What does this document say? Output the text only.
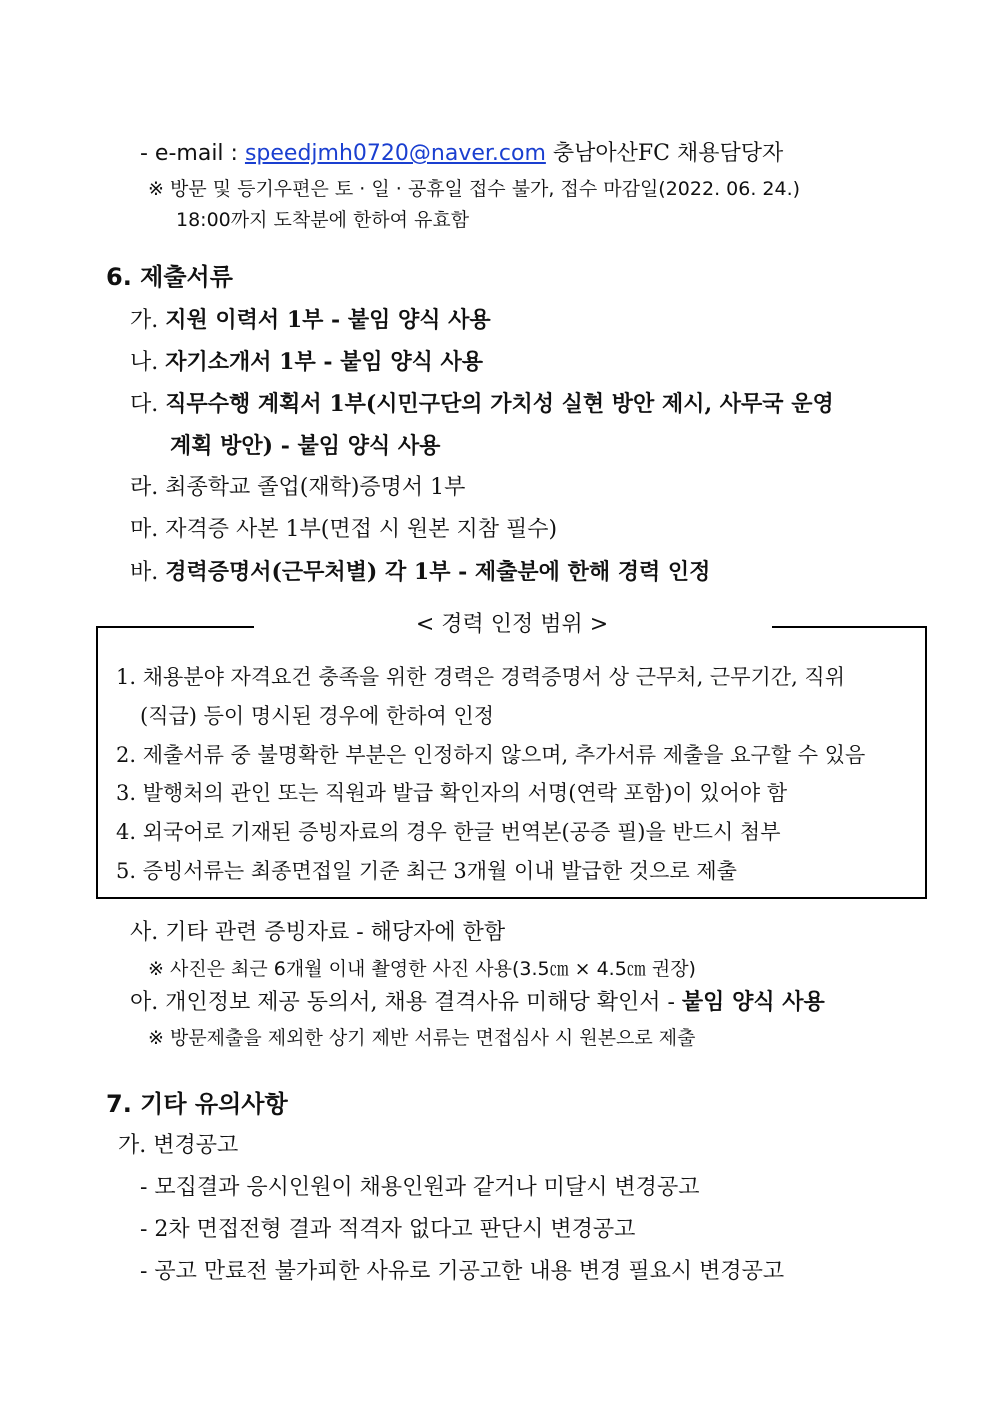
- e-mail : speedjmh0720@naver.com 충남아산FC 채용담당자
※ 방문 및 등기우편은 토 · 일 · 공휴일 접수 불가, 접수 마감일(2022. 06. 24.)
18:00까지 도착분에 한하여 유효함
6. 제출서류
가. 지원 이력서 1부 - 붙임 양식 사용
나. 자기소개서 1부 - 붙임 양식 사용
다. 직무수행 계획서 1부(시민구단의 가치성 실현 방안 제시, 사무국 운영
계획 방안) - 붙임 양식 사용
라. 최종학교 졸업(재학)증명서 1부
마. 자격증 사본 1부(면접 시 원본 지참 필수)
바. 경력증명서(근무처별) 각 1부 - 제출분에 한해 경력 인정
< 경력 인정 범위 >
1. 채용분야 자격요건 충족을 위한 경력은 경력증명서 상 근무처, 근무기간, 직위
(직급) 등이 명시된 경우에 한하여 인정
2. 제출서류 중 불명확한 부분은 인정하지 않으며, 추가서류 제출을 요구할 수 있음
3. 발행처의 관인 또는 직원과 발급 확인자의 서명(연락 포함)이 있어야 함
4. 외국어로 기재된 증빙자료의 경우 한글 번역본(공증 필)을 반드시 첨부
5. 증빙서류는 최종면접일 기준 최근 3개월 이내 발급한 것으로 제출
사. 기타 관련 증빙자료 - 해당자에 한함
※ 사진은 최근 6개월 이내 촬영한 사진 사용(3.5㎝ × 4.5㎝ 권장)
아. 개인정보 제공 동의서, 채용 결격사유 미해당 확인서 - 붙임 양식 사용
※ 방문제출을 제외한 상기 제반 서류는 면접심사 시 원본으로 제출
7. 기타 유의사항
가. 변경공고
- 모집결과 응시인원이 채용인원과 같거나 미달시 변경공고
- 2차 면접전형 결과 적격자 없다고 판단시 변경공고
- 공고 만료전 불가피한 사유로 기공고한 내용 변경 필요시 변경공고
